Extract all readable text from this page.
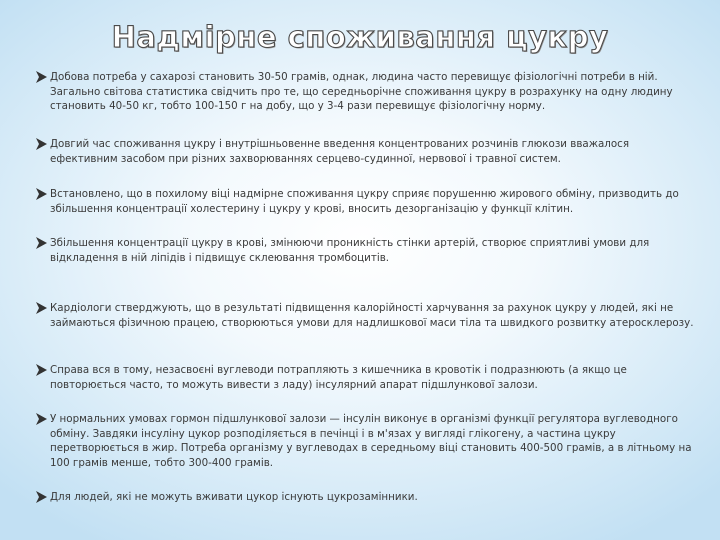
Надмірне споживання цукру
Добова потреба у сахарозі становить 30-50 грамів, однак, людина часто перевищує фізіологічні потреби в ній. Загально світова статистика свідчить про те, що середньорічне споживання цукру в розрахунку на одну людину становить 40-50 кг, тобто 100-150 г на добу, що у 3-4 рази перевищує фізіологічну норму.
Довгий час споживання цукру і внутрішньовенне введення концентрованих розчинів глюкози вважалося ефективним засобом при різних захворюваннях серцево-судинної, нервової і травної систем.
Встановлено, що в похилому віці надмірне споживання цукру сприяє порушенню жирового обміну, призводить до збільшення концентрації холестерину і цукру у крові, вносить дезорганізацію у функції клітин.
Збільшення концентрації цукру в крові, змінюючи проникність стінки артерій, створює сприятливі умови для відкладення в ній ліпідів і підвищує склеювання тромбоцитів.
Кардіологи стверджують, що в результаті підвищення калорійності харчування за рахунок цукру у людей, які не займаються фізичною працею, створюються умови для надлишкової маси тіла та швидкого розвитку атеросклерозу.
Справа вся в тому, незасвоєні вуглеводи потрапляють з кишечника в кровотік і подразнюють (а якщо це повторюється часто, то можуть вивести з ладу) інсулярний апарат підшлункової залози.
У нормальних умовах гормон підшлункової залози — інсулін виконує в організмі функції регулятора вуглеводного обміну. Завдяки інсуліну цукор розподіляється в печінці і в м'язах у вигляді глікогену, а частина цукру перетворюється в жир. Потреба організму у вуглеводах в середньому віці становить 400-500 грамів, а в літньому на 100 грамів менше, тобто 300-400 грамів.
Для людей, які не можуть вживати цукор існують цукрозамінники.
